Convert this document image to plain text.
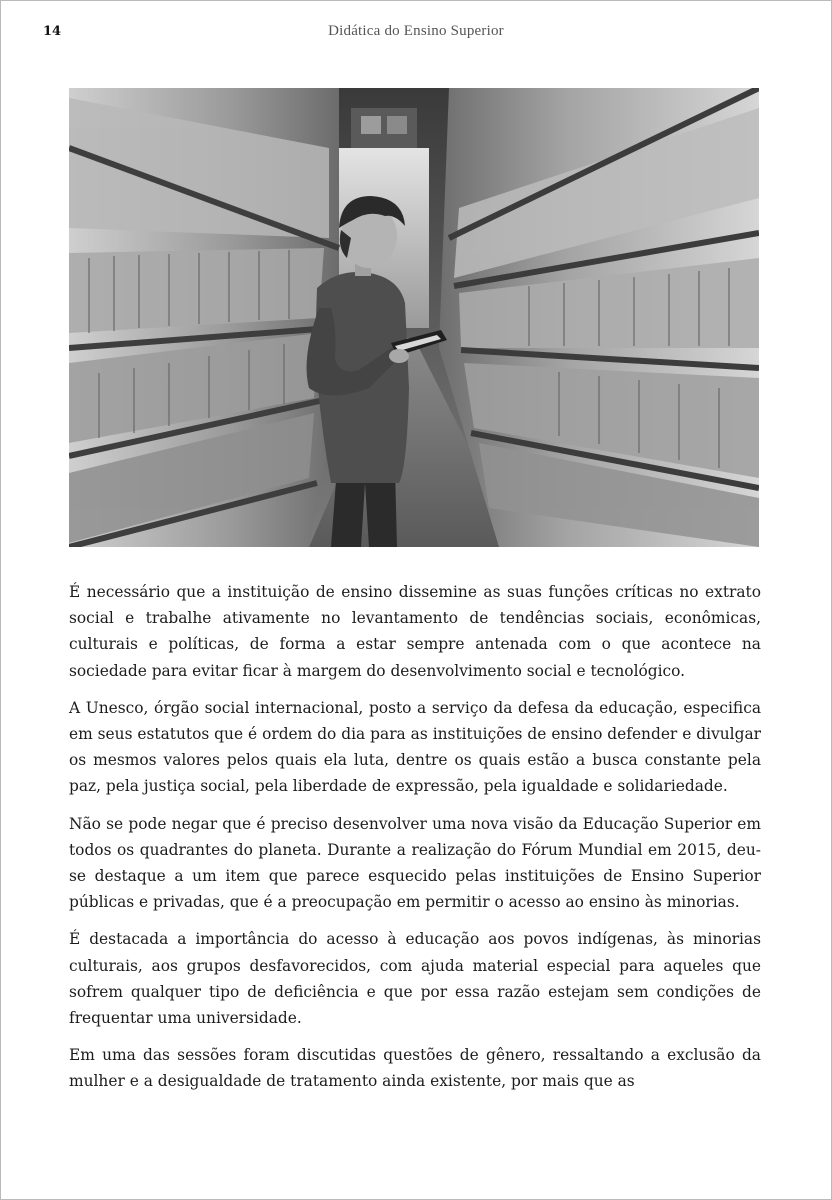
14	Didática do Ensino Superior

É necessário que a instituição de ensino dissemine as suas funções críticas no extrato social e trabalhe ativamente no levantamento de tendências sociais, econômicas, culturais e políticas, de forma a estar sempre antenada com o que acontece na sociedade para evitar ficar à margem do desenvolvimento social e tecnológico.

A Unesco, órgão social internacional, posto a serviço da defesa da educação, especifica em seus estatutos que é ordem do dia para as instituições de ensino defender e divulgar os mesmos valores pelos quais ela luta, dentre os quais estão a busca constante pela paz, pela justiça social, pela liberdade de expressão, pela igualdade e solidariedade.

Não se pode negar que é preciso desenvolver uma nova visão da Educação Superior em todos os quadrantes do planeta. Durante a realização do Fórum Mundial em 2015, deu-se destaque a um item que parece esquecido pelas instituições de Ensino Superior públicas e privadas, que é a preocupação em permitir o acesso ao ensino às minorias.

É destacada a importância do acesso à educação aos povos indígenas, às minorias culturais, aos grupos desfavorecidos, com ajuda material especial para aqueles que sofrem qualquer tipo de deficiência e que por essa razão estejam sem condições de frequentar uma universidade.

Em uma das sessões foram discutidas questões de gênero, ressaltando a exclusão da mulher e a desigualdade de tratamento ainda existente, por mais que as
